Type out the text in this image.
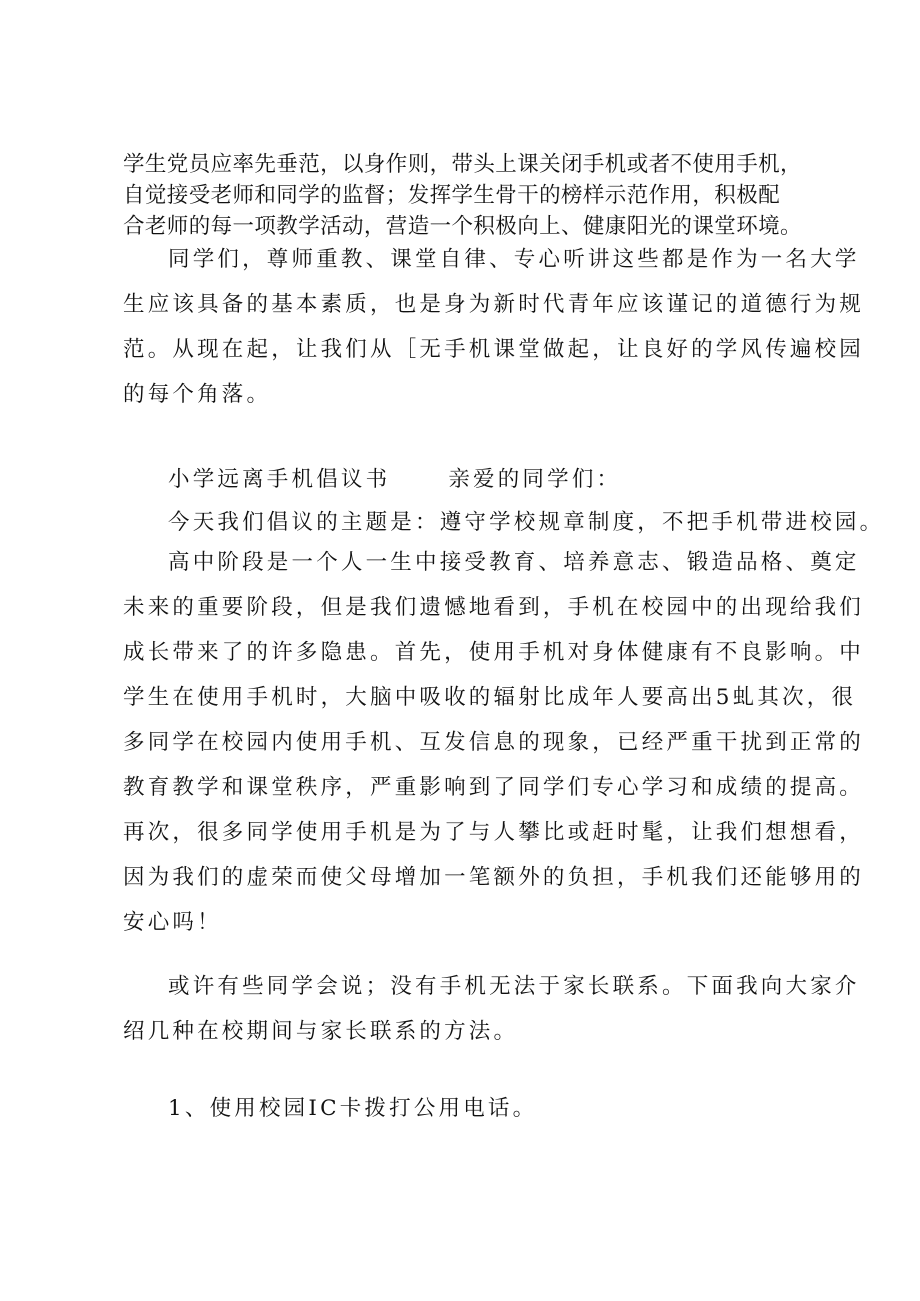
学生党员应率先垂范，以身作则，带头上课关闭手机或者不使用手机，
自觉接受老师和同学的监督；发挥学生骨干的榜样示范作用，积极配
合老师的每一项教学活动，营造一个积极向上、健康阳光的课堂环境。
同学们，尊师重教、课堂自律、专心听讲这些都是作为一名大学
生应该具备的基本素质，也是身为新时代青年应该谨记的道德行为规
范。从现在起，让我们从［无手机课堂做起，让良好的学风传遍校园
的每个角落。
小学远离手机倡议书	亲爱的同学们：
今天我们倡议的主题是：遵守学校规章制度，不把手机带进校园。
高中阶段是一个人一生中接受教育、培养意志、锻造品格、奠定
未来的重要阶段，但是我们遗憾地看到，手机在校园中的出现给我们
成长带来了的许多隐患。首先，使用手机对身体健康有不良影响。中
学生在使用手机时，大脑中吸收的辐射比成年人要高出5虬其次，很
多同学在校园内使用手机、互发信息的现象，已经严重干扰到正常的
教育教学和课堂秩序，严重影响到了同学们专心学习和成绩的提高。
再次，很多同学使用手机是为了与人攀比或赶时髦，让我们想想看，
因为我们的虚荣而使父母增加一笔额外的负担，手机我们还能够用的
安心吗！
或许有些同学会说；没有手机无法于家长联系。下面我向大家介
绍几种在校期间与家长联系的方法。
1、使用校园IC卡拨打公用电话。
